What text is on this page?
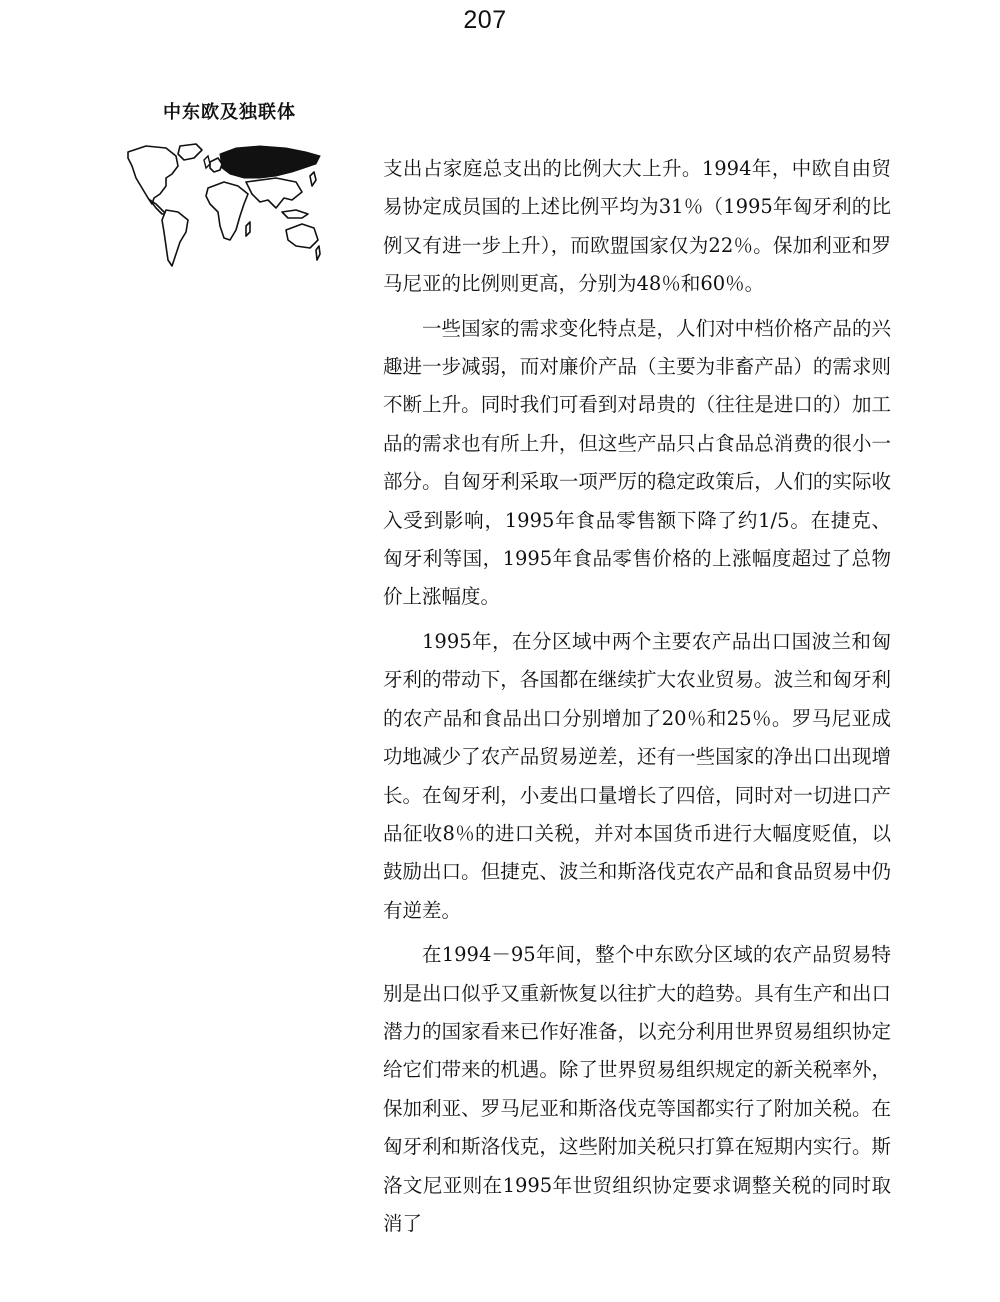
207
中东欧及独联体

支出占家庭总支出的比例大大上升。1994年，中欧自由贸易协定成员国的上述比例平均为31％（1995年匈牙利的比例又有进一步上升），而欧盟国家仅为22％。保加利亚和罗马尼亚的比例则更高，分别为48％和60％。

一些国家的需求变化特点是，人们对中档价格产品的兴趣进一步减弱，而对廉价产品（主要为非畜产品）的需求则不断上升。同时我们可看到对昂贵的（往往是进口的）加工品的需求也有所上升，但这些产品只占食品总消费的很小一部分。自匈牙利采取一项严厉的稳定政策后，人们的实际收入受到影响，1995年食品零售额下降了约1/5。在捷克、匈牙利等国，1995年食品零售价格的上涨幅度超过了总物价上涨幅度。

1995年，在分区域中两个主要农产品出口国波兰和匈牙利的带动下，各国都在继续扩大农业贸易。波兰和匈牙利的农产品和食品出口分别增加了20％和25％。罗马尼亚成功地减少了农产品贸易逆差，还有一些国家的净出口出现增长。在匈牙利，小麦出口量增长了四倍，同时对一切进口产品征收8％的进口关税，并对本国货币进行大幅度贬值，以鼓励出口。但捷克、波兰和斯洛伐克农产品和食品贸易中仍有逆差。

在1994－95年间，整个中东欧分区域的农产品贸易特别是出口似乎又重新恢复以往扩大的趋势。具有生产和出口潜力的国家看来已作好准备，以充分利用世界贸易组织协定给它们带来的机遇。除了世界贸易组织规定的新关税率外，保加利亚、罗马尼亚和斯洛伐克等国都实行了附加关税。在匈牙利和斯洛伐克，这些附加关税只打算在短期内实行。斯洛文尼亚则在1995年世贸组织协定要求调整关税的同时取消了
